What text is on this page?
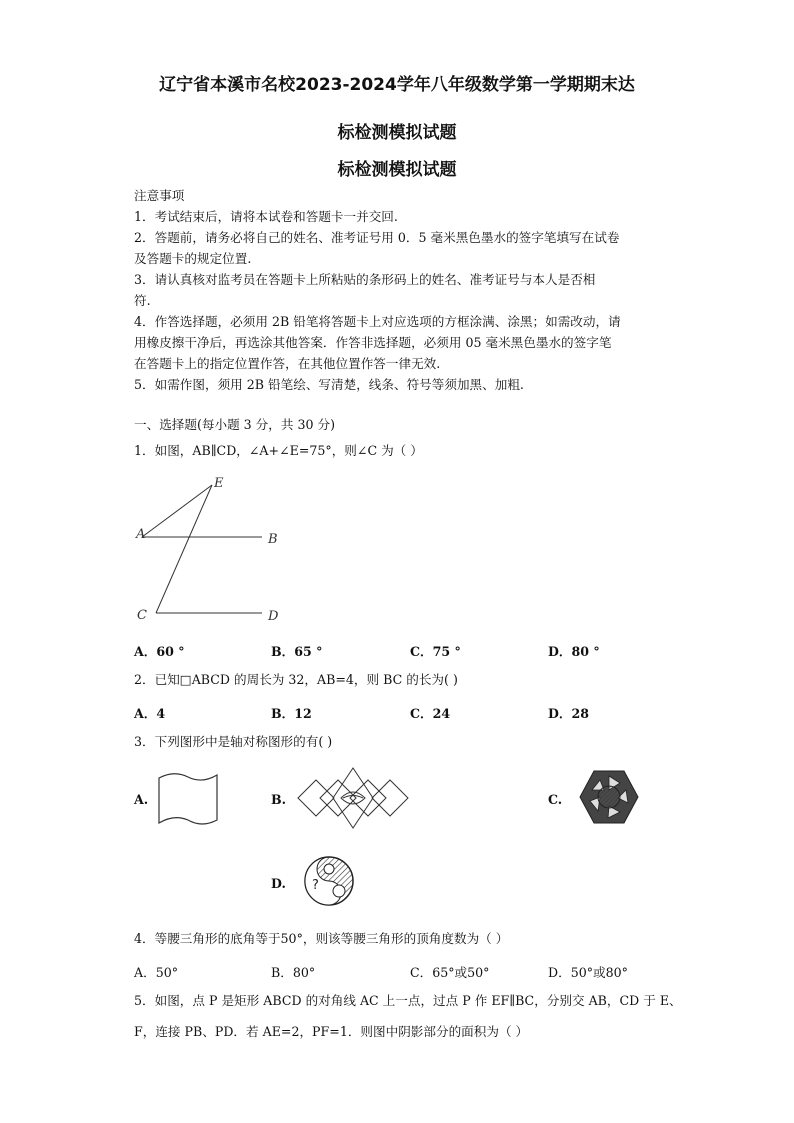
辽宁省本溪市名校2023-2024学年八年级数学第一学期期末达
标检测模拟试题
标检测模拟试题
注意事项
1．考试结束后，请将本试卷和答题卡一并交回.
2．答题前，请务必将自己的姓名、准考证号用 0．5 毫米黑色墨水的签字笔填写在试卷
及答题卡的规定位置.
3．请认真核对监考员在答题卡上所粘贴的条形码上的姓名、准考证号与本人是否相
符.
4．作答选择题，必须用 2B 铅笔将答题卡上对应选项的方框涂满、涂黑；如需改动，请
用橡皮擦干净后，再选涂其他答案．作答非选择题，必须用 05 毫米黑色墨水的签字笔
在答题卡上的指定位置作答，在其他位置作答一律无效.
5．如需作图，须用 2B 铅笔绘、写清楚，线条、符号等须加黑、加粗.
一、选择题(每小题 3 分，共 30 分)
1．如图，AB∥CD，∠A+∠E=75°，则∠C 为（ ）
E
A	B
C	D
A．60 °	B．65 °	C．75 °	D．80 °
2．已知□ABCD 的周长为 32，AB=4，则 BC 的长为( )
A．4	B．12	C．24	D．28
3．下列图形中是轴对称图形的有( )
A.	B.	C.
D. ?
4．等腰三角形的底角等于50°，则该等腰三角形的顶角度数为（ ）
A．50°	B．80°	C．65°或50°	D．50°或80°
5．如图，点 P 是矩形 ABCD 的对角线 AC 上一点，过点 P 作 EF∥BC，分别交 AB，CD 于 E、
F，连接 PB、PD．若 AE=2，PF=1．则图中阴影部分的面积为（ ）
